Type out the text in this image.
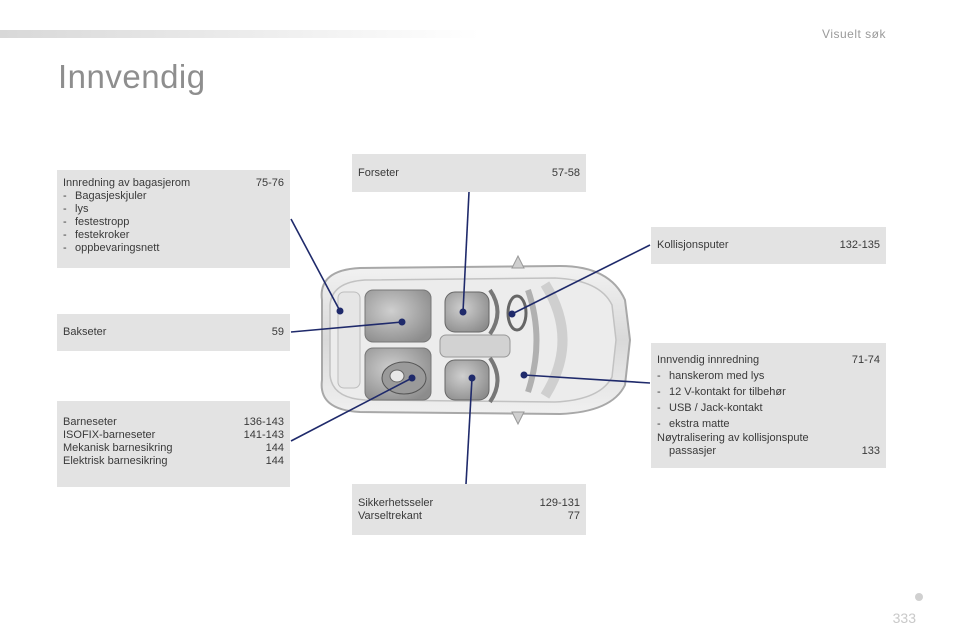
Visuelt søk
Innvendig
Innredning av bagasjerom	75-76
- Bagasjeskjuler
- lys
- festestropp
- festekroker
- oppbevaringsnett
Bakseter	59
Barneseter	136-143
ISOFIX-barneseter	141-143
Mekanisk barnesikring	144
Elektrisk barnesikring	144
Forseter	57-58
Sikkerhetsseler	129-131
Varseltrekant	77
Kollisjonsputer	132-135
Innvendig innredning	71-74
- hanskerom med lys
- 12 V-kontakt for tilbehør
- USB / Jack-kontakt
- ekstra matte
Nøytralisering av kollisjonspute
passasjer	133
333
